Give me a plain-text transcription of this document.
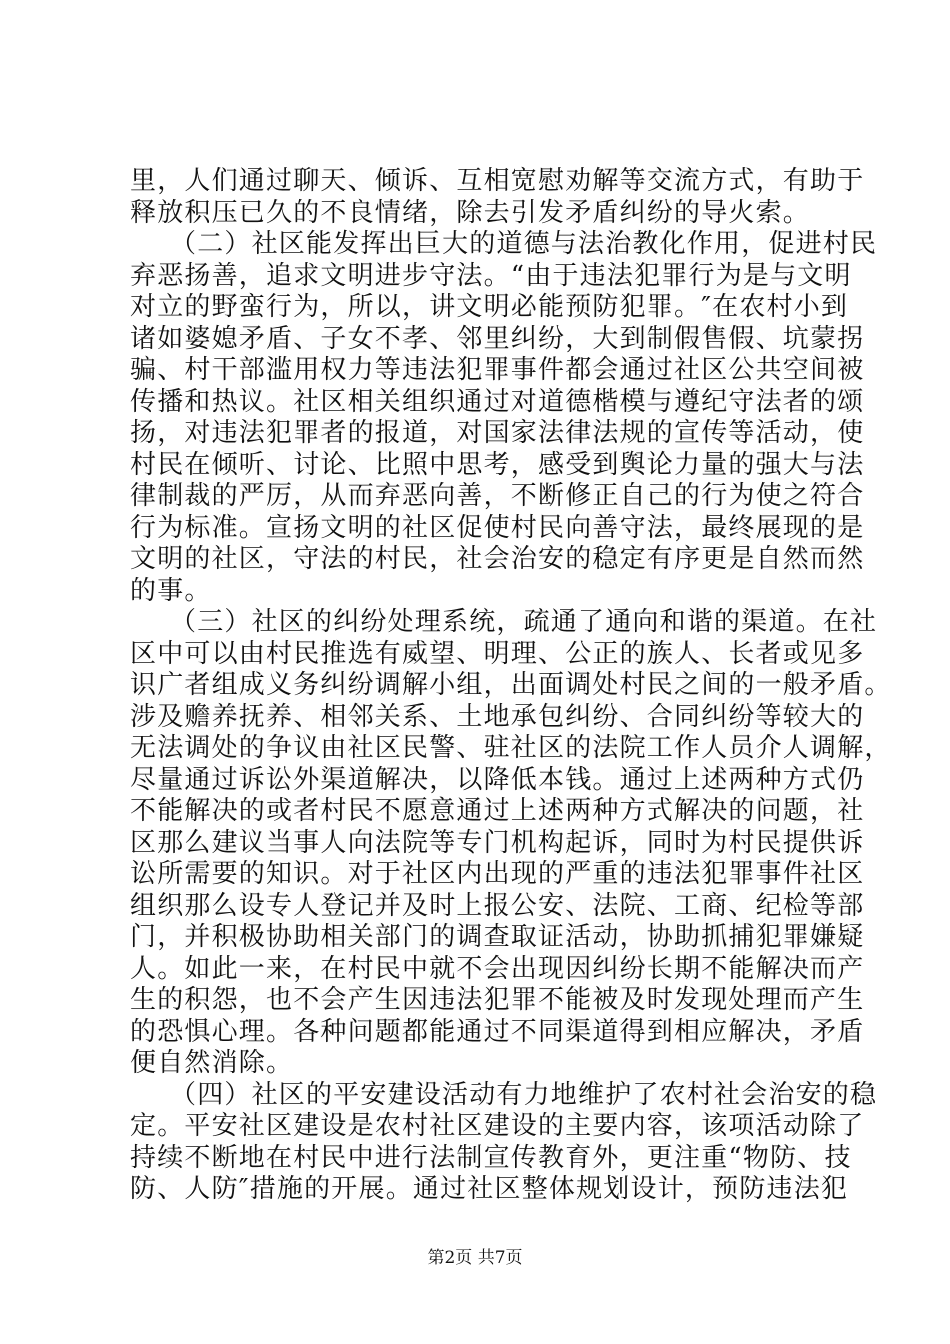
里，人们通过聊天、倾诉、互相宽慰劝解等交流方式，有助于
释放积压已久的不良情绪，除去引发矛盾纠纷的导火索。
（二）社区能发挥出巨大的道德与法治教化作用，促进村民
弃恶扬善，追求文明进步守法。“由于违法犯罪行为是与文明
对立的野蛮行为，所以，讲文明必能预防犯罪。″在农村小到
诸如婆媳矛盾、子女不孝、邻里纠纷，大到制假售假、坑蒙拐
骗、村干部滥用权力等违法犯罪事件都会通过社区公共空间被
传播和热议。社区相关组织通过对道德楷模与遵纪守法者的颂
扬，对违法犯罪者的报道，对国家法律法规的宣传等活动，使
村民在倾听、讨论、比照中思考，感受到舆论力量的强大与法
律制裁的严厉，从而弃恶向善，不断修正自己的行为使之符合
行为标准。宣扬文明的社区促使村民向善守法，最终展现的是
文明的社区，守法的村民，社会治安的稳定有序更是自然而然
的事。
（三）社区的纠纷处理系统，疏通了通向和谐的渠道。在社
区中可以由村民推选有威望、明理、公正的族人、长者或见多
识广者组成义务纠纷调解小组，出面调处村民之间的一般矛盾。
涉及赡养抚养、相邻关系、土地承包纠纷、合同纠纷等较大的
无法调处的争议由社区民警、驻社区的法院工作人员介人调解，
尽量通过诉讼外渠道解决，以降低本钱。通过上述两种方式仍
不能解决的或者村民不愿意通过上述两种方式解决的问题，社
区那么建议当事人向法院等专门机构起诉，同时为村民提供诉
讼所需要的知识。对于社区内出现的严重的违法犯罪事件社区
组织那么设专人登记并及时上报公安、法院、工商、纪检等部
门，并积极协助相关部门的调查取证活动，协助抓捕犯罪嫌疑
人。如此一来，在村民中就不会出现因纠纷长期不能解决而产
生的积怨，也不会产生因违法犯罪不能被及时发现处理而产生
的恐惧心理。各种问题都能通过不同渠道得到相应解决，矛盾
便自然消除。
（四）社区的平安建设活动有力地维护了农村社会治安的稳
定。平安社区建设是农村社区建设的主要内容，该项活动除了
持续不断地在村民中进行法制宣传教育外，更注重“物防、技
防、人防″措施的开展。通过社区整体规划设计，预防违法犯
第2页 共7页
